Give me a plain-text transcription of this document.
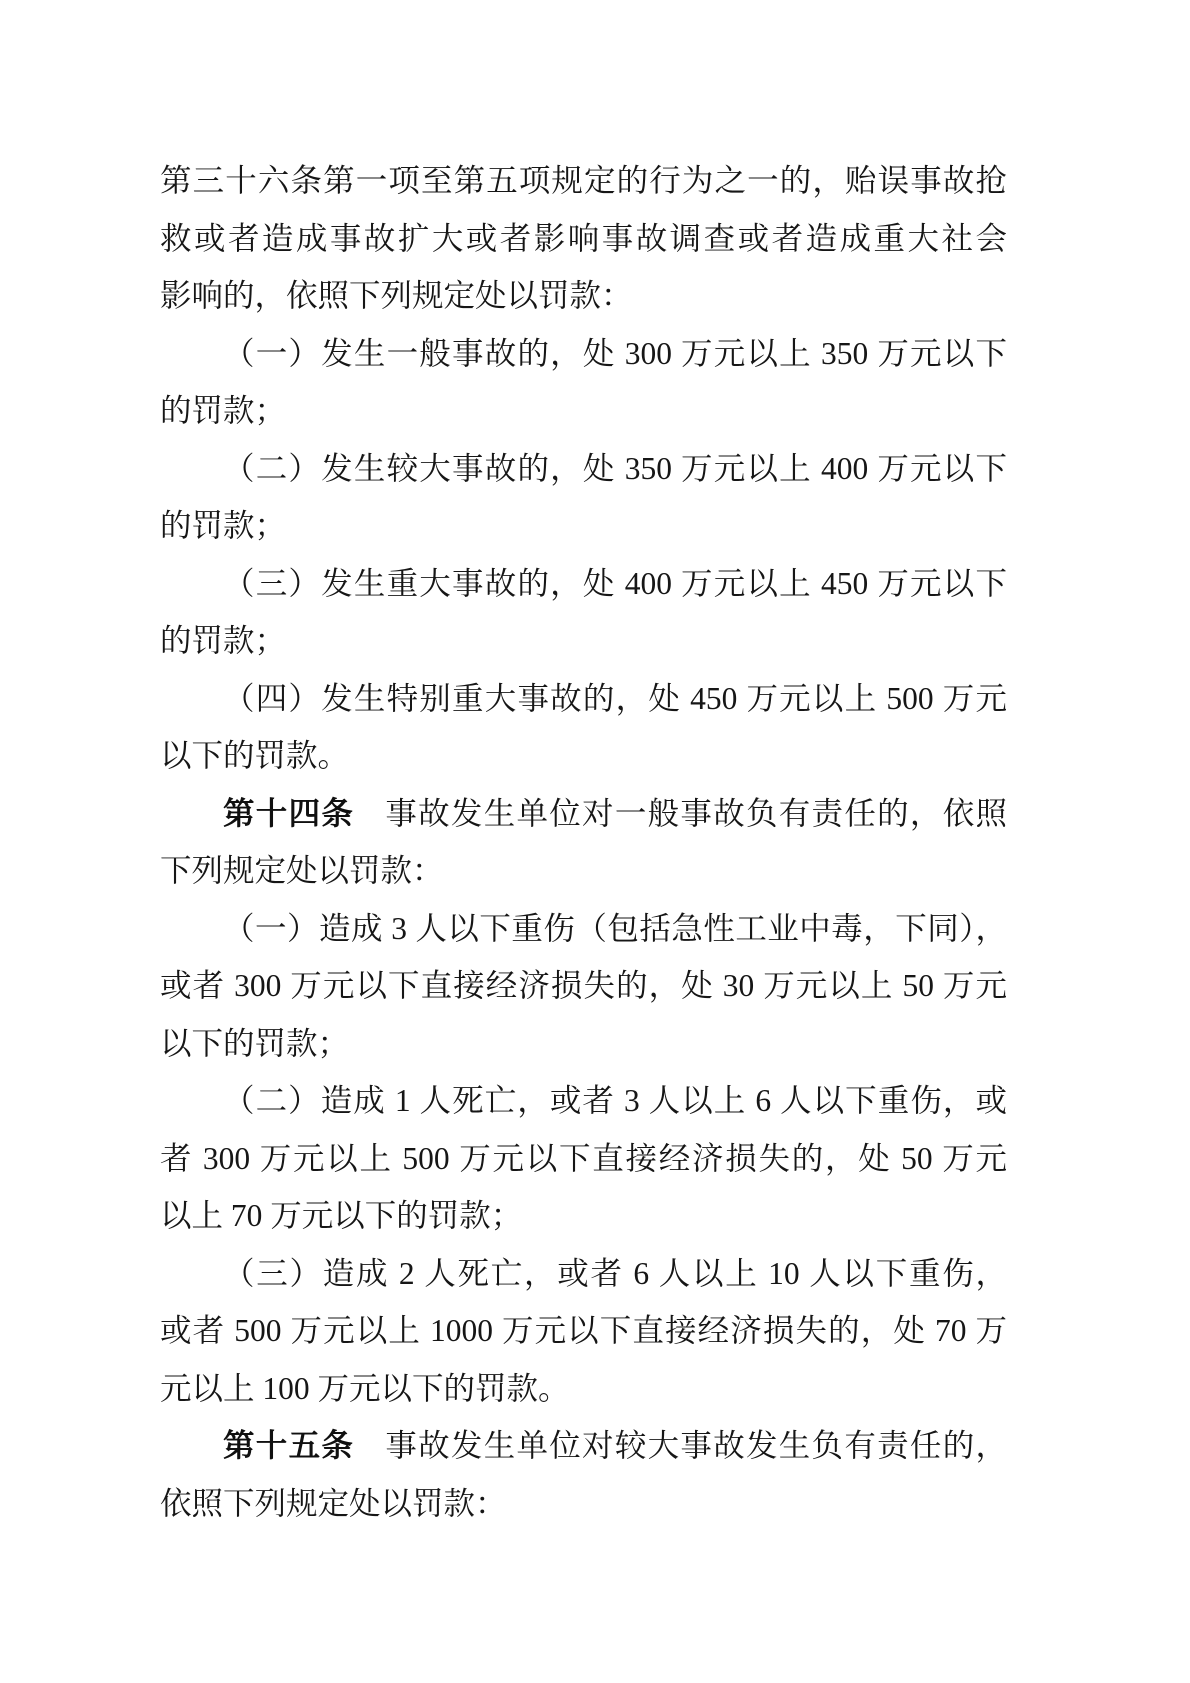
第三十六条第一项至第五项规定的行为之一的，贻误事故抢
救或者造成事故扩大或者影响事故调查或者造成重大社会
影响的，依照下列规定处以罚款：
（一）发生一般事故的，处 300 万元以上 350 万元以下
的罚款；
（二）发生较大事故的，处 350 万元以上 400 万元以下
的罚款；
（三）发生重大事故的，处 400 万元以上 450 万元以下
的罚款；
（四）发生特别重大事故的，处 450 万元以上 500 万元
以下的罚款。
第十四条 事故发生单位对一般事故负有责任的，依照
下列规定处以罚款：
（一）造成 3 人以下重伤（包括急性工业中毒，下同），
或者 300 万元以下直接经济损失的，处 30 万元以上 50 万元
以下的罚款；
（二）造成 1 人死亡，或者 3 人以上 6 人以下重伤，或
者 300 万元以上 500 万元以下直接经济损失的，处 50 万元
以上 70 万元以下的罚款；
（三）造成 2 人死亡，或者 6 人以上 10 人以下重伤，
或者 500 万元以上 1000 万元以下直接经济损失的，处 70 万
元以上 100 万元以下的罚款。
第十五条 事故发生单位对较大事故发生负有责任的，
依照下列规定处以罚款：
